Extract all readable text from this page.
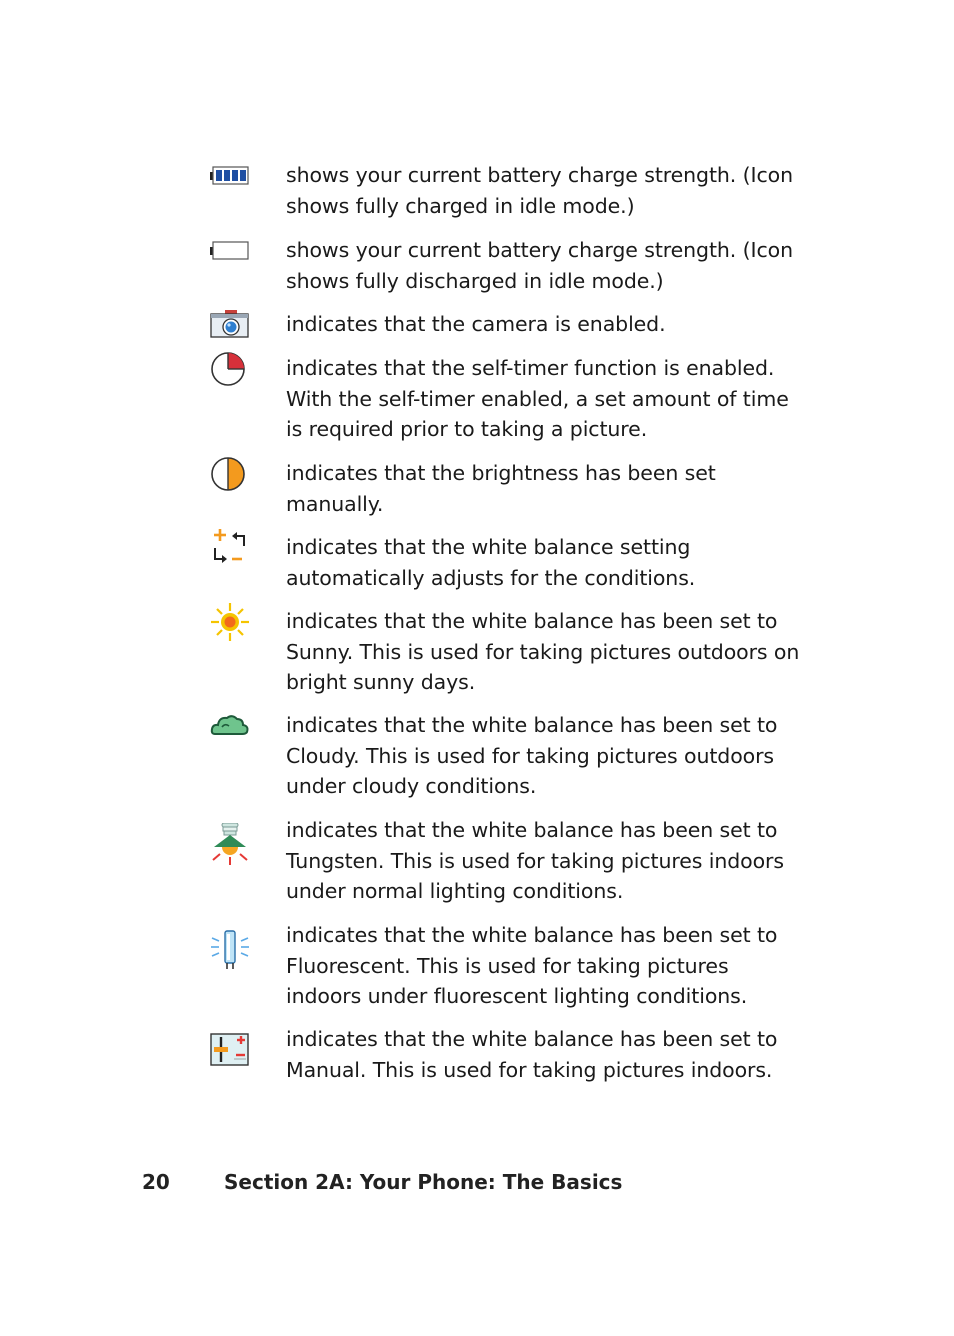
shows your current battery charge strength. (Icon shows fully charged in idle mode.)

shows your current battery charge strength. (Icon shows fully discharged in idle mode.)

indicates that the camera is enabled.

indicates that the self-timer function is enabled. With the self-timer enabled, a set amount of time is required prior to taking a picture.

indicates that the brightness has been set manually.

indicates that the white balance setting automatically adjusts for the conditions.

indicates that the white balance has been set to Sunny. This is used for taking pictures outdoors on bright sunny days.

indicates that the white balance has been set to Cloudy. This is used for taking pictures outdoors under cloudy conditions.

indicates that the white balance has been set to Tungsten. This is used for taking pictures indoors under normal lighting conditions.

indicates that the white balance has been set to Fluorescent. This is used for taking pictures indoors under fluorescent lighting conditions.

indicates that the white balance has been set to Manual. This is used for taking pictures indoors.

20	Section 2A: Your Phone: The Basics
